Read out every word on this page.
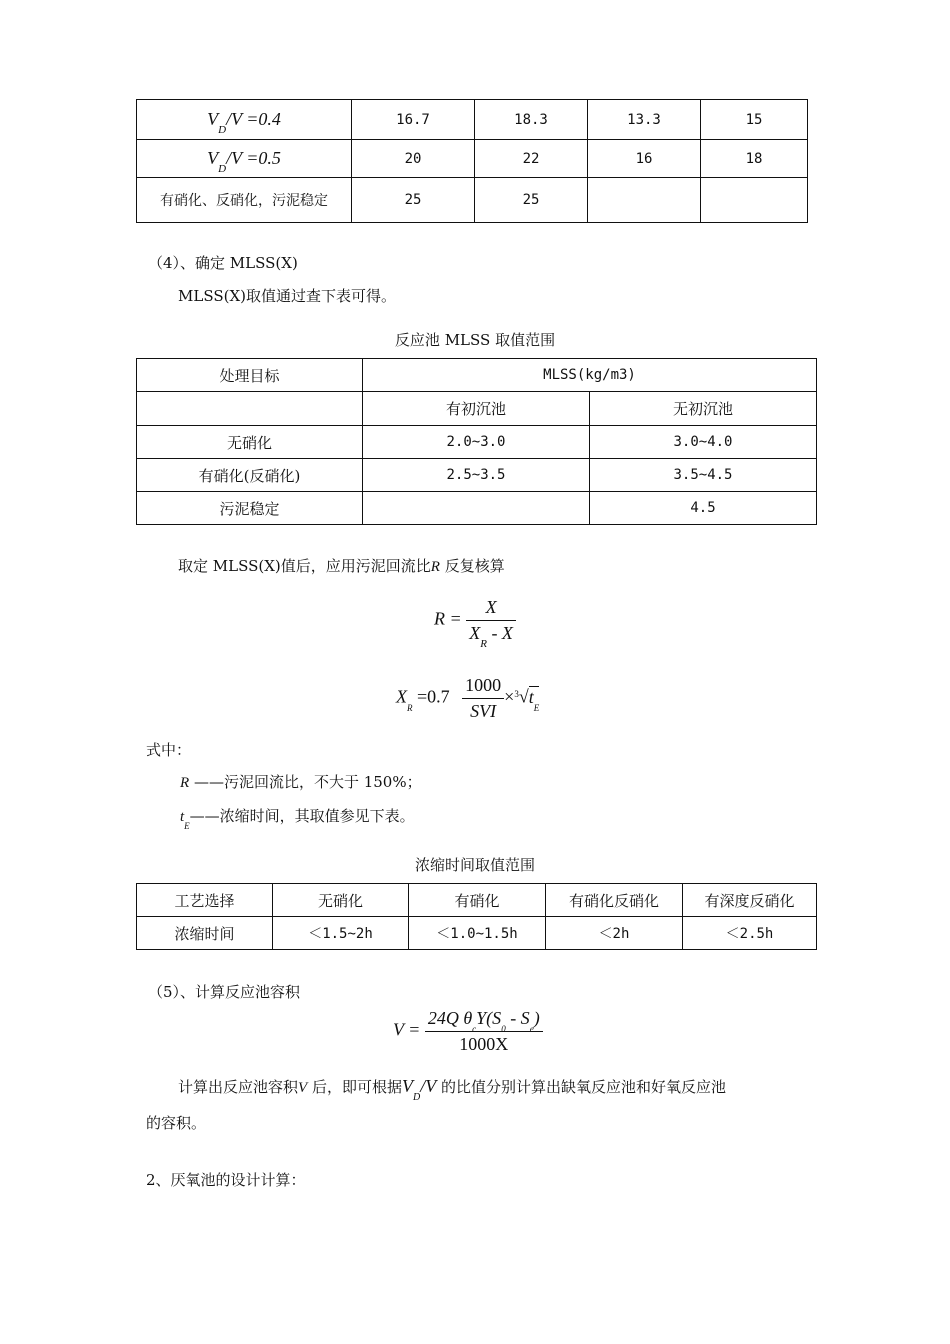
$V_D/V =0.4$	16.7	18.3	13.3	15
$V_D/V =0.5$	20	22	16	18
有硝化、反硝化，污泥稳定	25	25		

（4）、确定 MLSS(X)

MLSS(X)取值通过查下表可得。

反应池 MLSS 取值范围

处理目标	MLSS(kg/m3)	
	有初沉池	无初沉池
无硝化	2.0~3.0	3.0~4.0
有硝化(反硝化)	2.5~3.5	3.5~4.5
污泥稳定		4.5

取定 MLSS(X)值后，应用污泥回流比R 反复核算

$R = \frac{X}{X_R - X}$
$X_R =0.7 \frac{1000}{\text{SVI}} \times^3√t_E$

式中：

R ——污泥回流比，不大于 150%；

$t_E——$浓缩时间，其取值参见下表。

浓缩时间取值范围

工艺选择	无硝化	有硝化	有硝化反硝化	有深度反硝化
浓缩时间	＜1.5~2h	＜1.0~1.5h	＜2h	＜2.5h

（5）、计算反应池容积

$V = \frac{24Q \theta_cY(S_0 - S_e)}{1000X}$

计算出反应池容积V 后，即可根据$V_D/V$ 的比值分别计算出缺氧反应池和好氧反应池

的容积。

2、厌氧池的设计计算：
